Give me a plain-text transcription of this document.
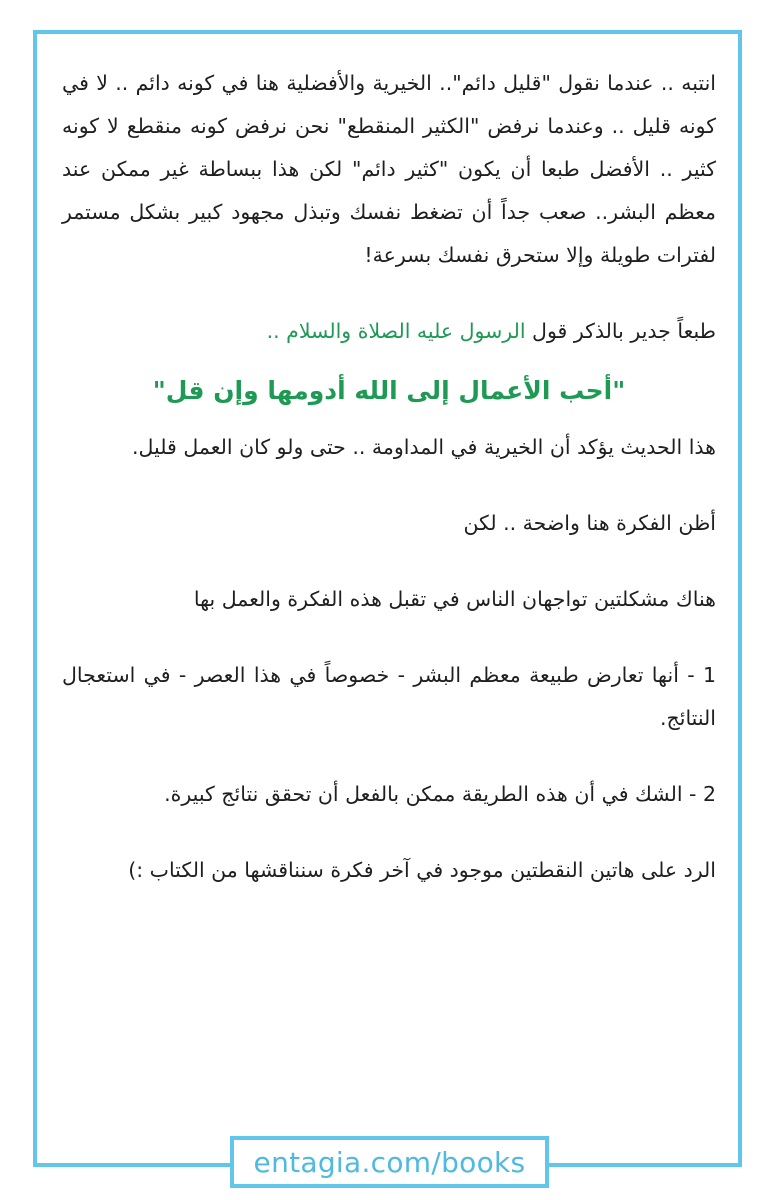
انتبه .. عندما نقول "قليل دائم".. الخيرية والأفضلية هنا في كونه دائم .. لا في كونه قليل .. وعندما نرفض "الكثير المنقطع" نحن نرفض كونه منقطع لا كونه كثير .. الأفضل طبعا أن يكون "كثير دائم" لكن هذا ببساطة غير ممكن عند معظم البشر.. صعب جداً أن تضغط نفسك وتبذل مجهود كبير بشكل مستمر لفترات طويلة وإلا ستحرق نفسك بسرعة!

طبعاً جدير بالذكر قول الرسول عليه الصلاة والسلام ..

"أحب الأعمال إلى الله أدومها وإن قل"

هذا الحديث يؤكد أن الخيرية في المداومة .. حتى ولو كان العمل قليل.

أظن الفكرة هنا واضحة .. لكن

هناك مشكلتين تواجهان الناس في تقبل هذه الفكرة والعمل بها

1 - أنها تعارض طبيعة معظم البشر - خصوصاً في هذا العصر - في استعجال النتائج.

2 - الشك في أن هذه الطريقة ممكن بالفعل أن تحقق نتائج كبيرة.

الرد على هاتين النقطتين موجود في آخر فكرة سنناقشها من الكتاب :)

entagia.com/books
